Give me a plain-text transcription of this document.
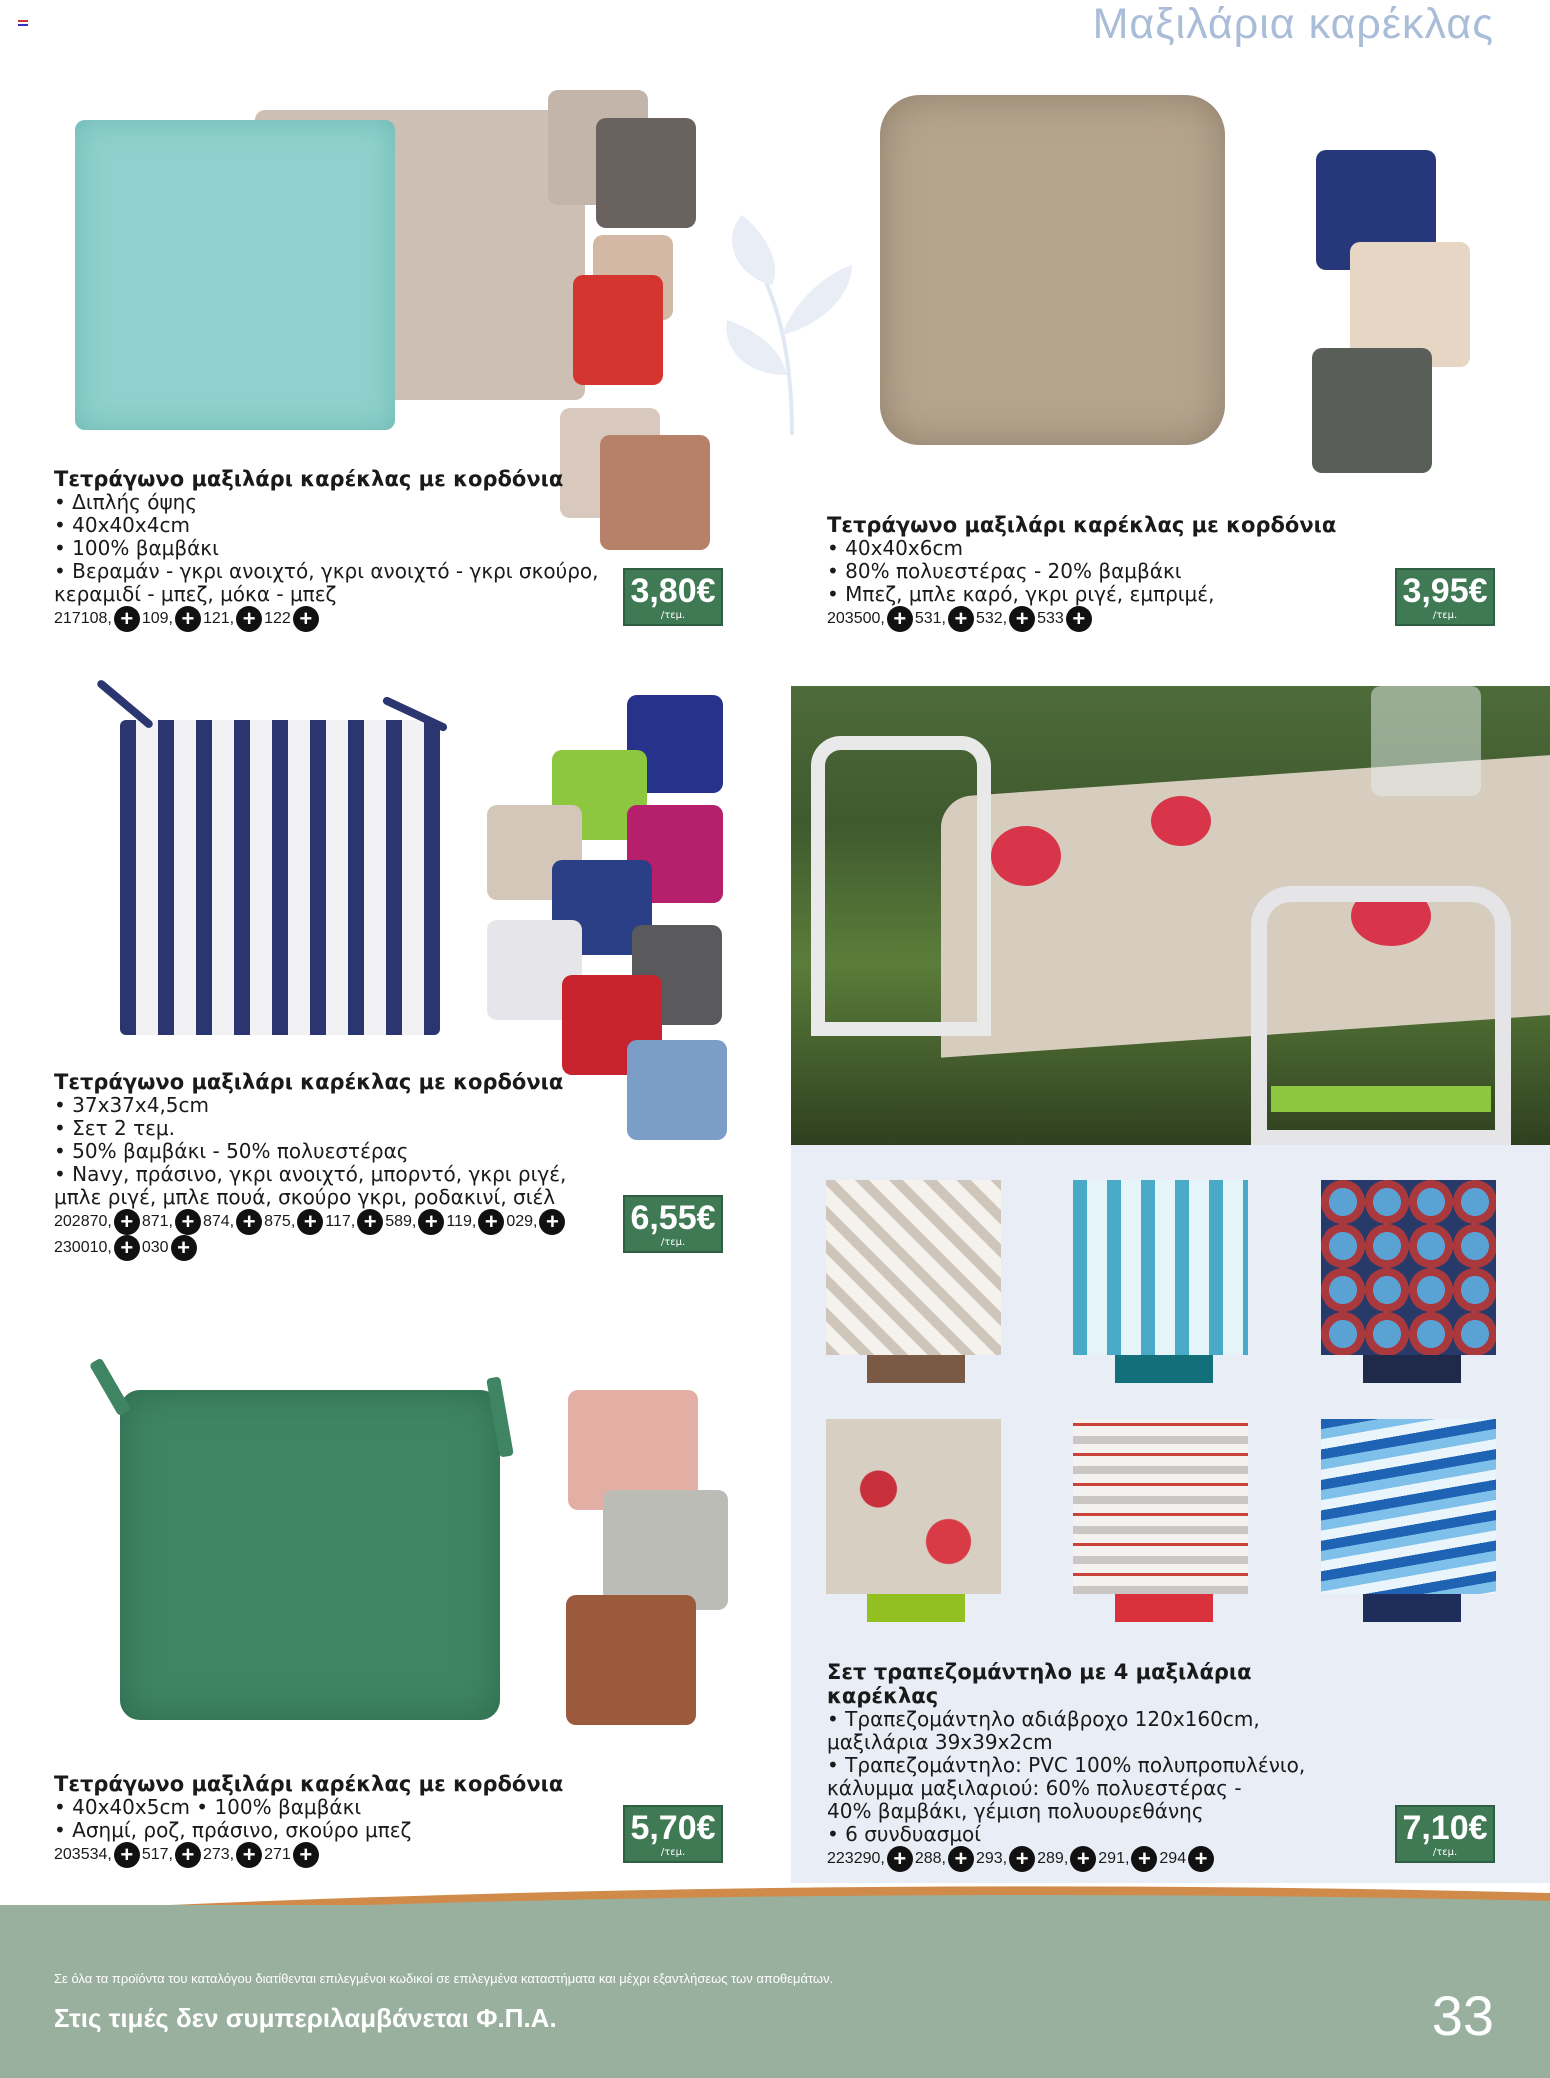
Μαξιλάρια καρέκλας
Τετράγωνο μαξιλάρι καρέκλας με κορδόνια
• Διπλής όψης
• 40x40x4cm
• 100% βαμβάκι
• Βεραμάν - γκρι ανοιχτό, γκρι ανοιχτό - γκρι σκούρο,
κεραμιδί - μπεζ, μόκα - μπεζ
217108, + 109, + 121, + 122 +
3,80€
/τεμ.
Τετράγωνο μαξιλάρι καρέκλας με κορδόνια
• 40x40x6cm
• 80% πολυεστέρας - 20% βαμβάκι
• Μπεζ, μπλε καρό, γκρι ριγέ, εμπριμέ,
203500, + 531, + 532, + 533 +
3,95€
/τεμ.
Τετράγωνο μαξιλάρι καρέκλας με κορδόνια
• 37x37x4,5cm
• Σετ 2 τεμ.
• 50% βαμβάκι - 50% πολυεστέρας
• Navy, πράσινο, γκρι ανοιχτό, μπορντό, γκρι ριγέ,
μπλε ριγέ, μπλε πουά, σκούρο γκρι, ροδακινί, σιέλ
202870, + 871, + 874, + 875, + 117, + 589, + 119, + 029, +
230010, + 030 +
6,55€
/τεμ.
Τετράγωνο μαξιλάρι καρέκλας με κορδόνια
• 40x40x5cm • 100% βαμβάκι
• Ασημί, ροζ, πράσινο, σκούρο μπεζ
203534, + 517, + 273, + 271 +
5,70€
/τεμ.
Σετ τραπεζομάντηλο με 4 μαξιλάρια καρέκλας
• Τραπεζομάντηλο αδιάβροχο 120x160cm,
μαξιλάρια 39x39x2cm
• Τραπεζομάντηλο: PVC 100% πολυπροπυλένιο,
κάλυμμα μαξιλαριού: 60% πολυεστέρας -
40% βαμβάκι, γέμιση πολυουρεθάνης
• 6 συνδυασμοί
223290, + 288, + 293, + 289, + 291, + 294 +
7,10€
/τεμ.
Σε όλα τα προϊόντα του καταλόγου διατίθενται επιλεγμένοι κωδικοί σε επιλεγμένα καταστήματα και μέχρι εξαντλήσεως των αποθεμάτων.
Στις τιμές δεν συμπεριλαμβάνεται Φ.Π.Α.	33
